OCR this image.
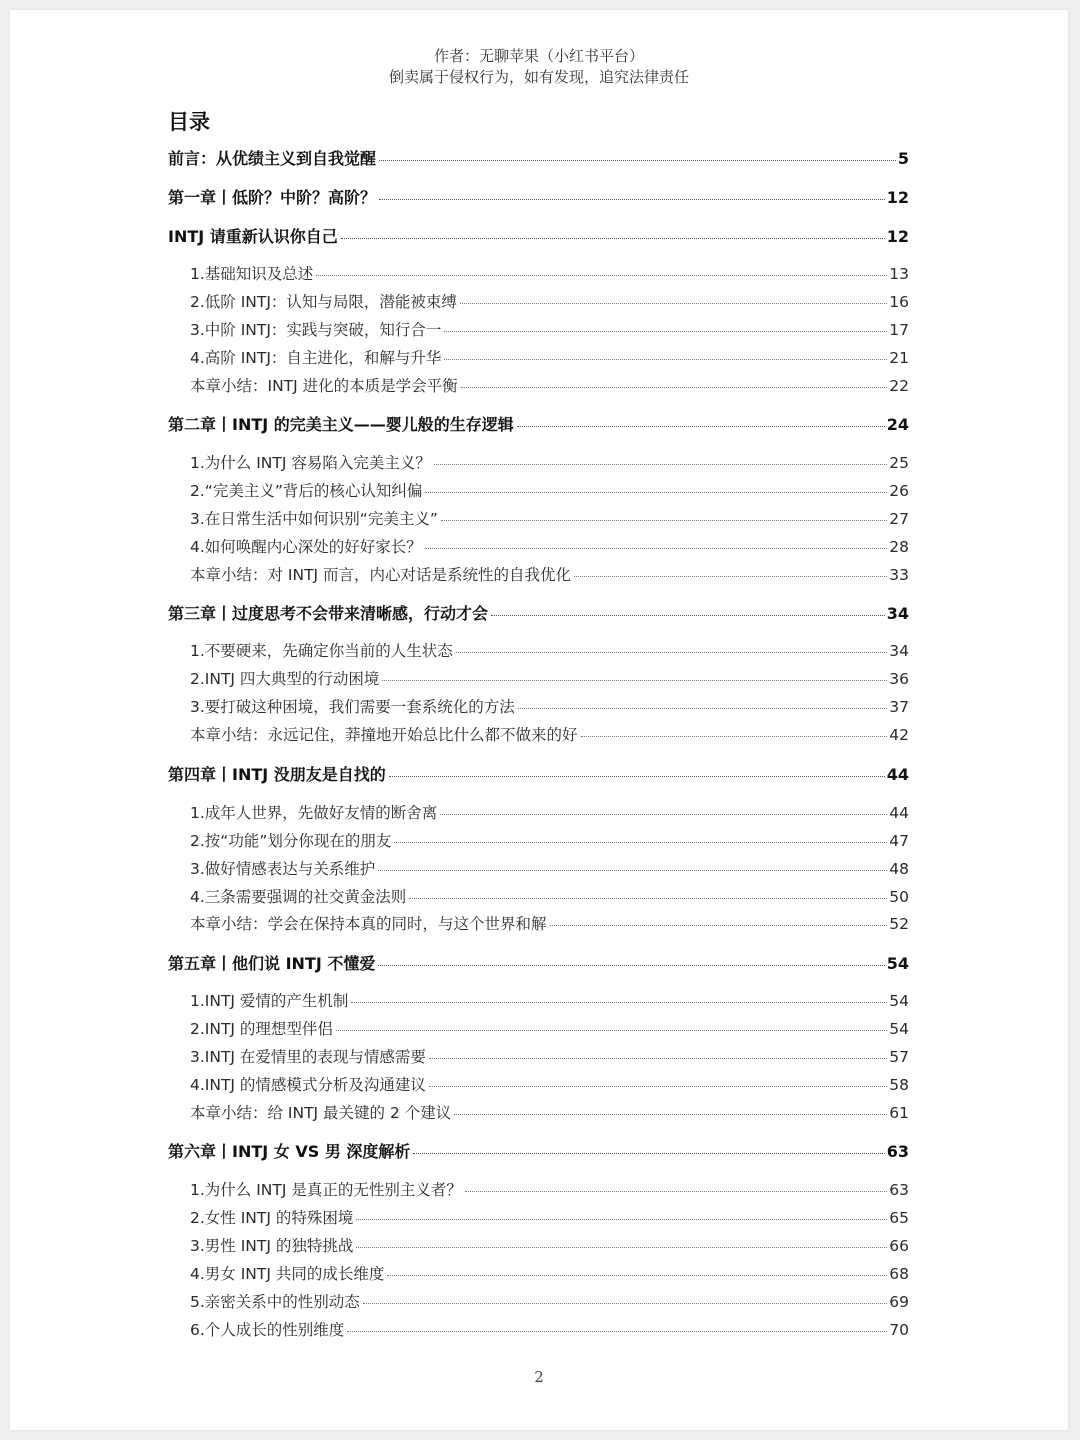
作者：无聊苹果（小红书平台）
倒卖属于侵权行为，如有发现，追究法律责任
目录
前言：从优绩主义到自我觉醒	5
第一章丨低阶？中阶？高阶？	12
INTJ 请重新认识你自己	12
1.基础知识及总述	13
2.低阶 INTJ：认知与局限，潜能被束缚	16
3.中阶 INTJ：实践与突破，知行合一	17
4.高阶 INTJ：自主进化，和解与升华	21
本章小结：INTJ 进化的本质是学会平衡	22
第二章丨INTJ 的完美主义——婴儿般的生存逻辑	24
1.为什么 INTJ 容易陷入完美主义？	25
2.“完美主义”背后的核心认知纠偏	26
3.在日常生活中如何识别“完美主义”	27
4.如何唤醒内心深处的好好家长？	28
本章小结：对 INTJ 而言，内心对话是系统性的自我优化	33
第三章丨过度思考不会带来清晰感，行动才会	34
1.不要硬来，先确定你当前的人生状态	34
2.INTJ 四大典型的行动困境	36
3.要打破这种困境，我们需要一套系统化的方法	37
本章小结：永远记住，莽撞地开始总比什么都不做来的好	42
第四章丨INTJ 没朋友是自找的	44
1.成年人世界，先做好友情的断舍离	44
2.按“功能”划分你现在的朋友	47
3.做好情感表达与关系维护	48
4.三条需要强调的社交黄金法则	50
本章小结：学会在保持本真的同时，与这个世界和解	52
第五章丨他们说 INTJ 不懂爱	54
1.INTJ 爱情的产生机制	54
2.INTJ 的理想型伴侣	54
3.INTJ 在爱情里的表现与情感需要	57
4.INTJ 的情感模式分析及沟通建议	58
本章小结：给 INTJ 最关键的 2 个建议	61
第六章丨INTJ 女 VS 男 深度解析	63
1.为什么 INTJ 是真正的无性别主义者？	63
2.女性 INTJ 的特殊困境	65
3.男性 INTJ 的独特挑战	66
4.男女 INTJ 共同的成长维度	68
5.亲密关系中的性别动态	69
6.个人成长的性别维度	70
2
